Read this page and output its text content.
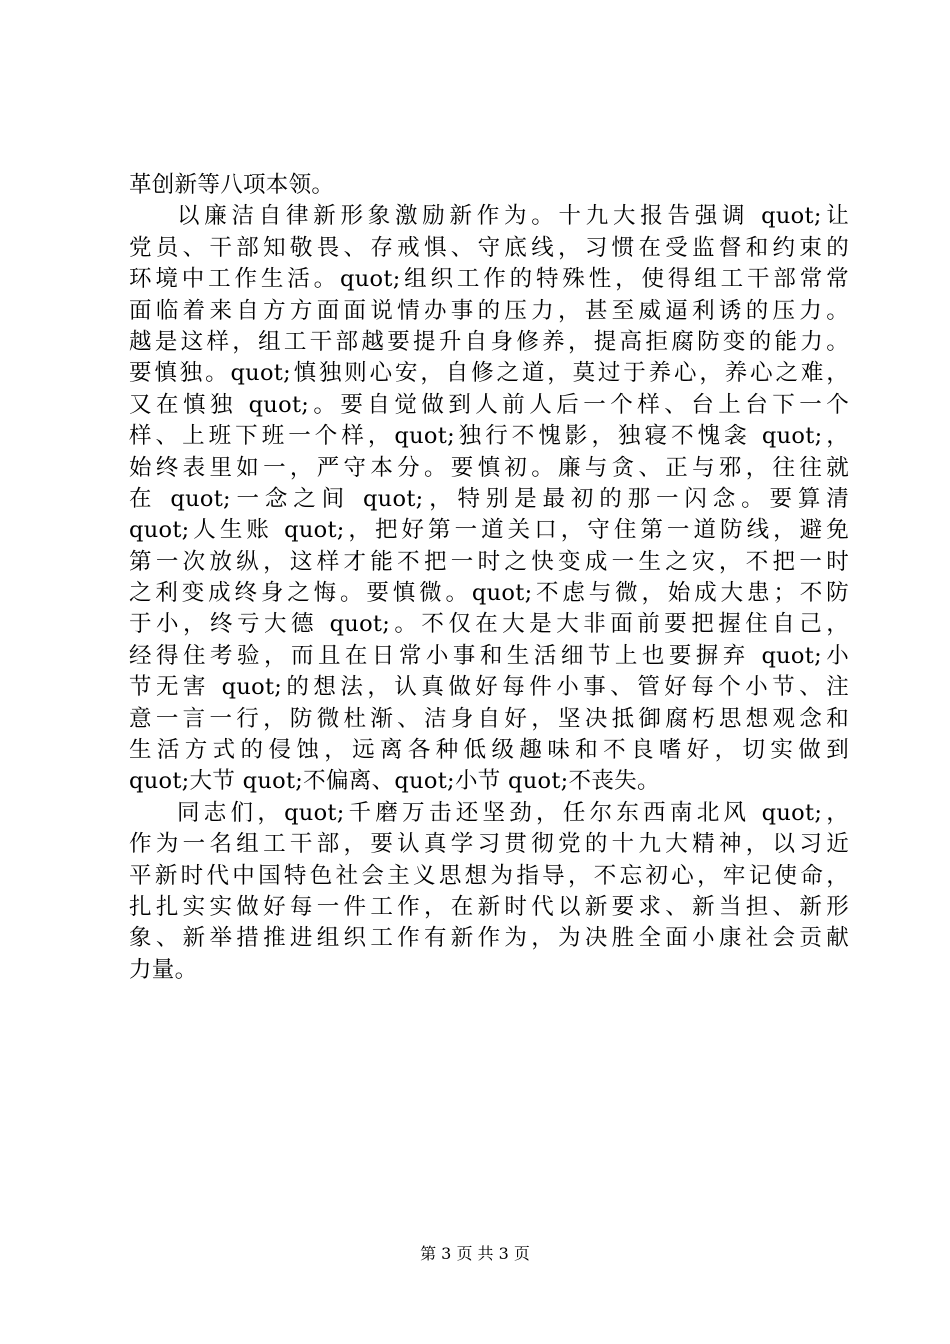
革创新等八项本领。
以廉洁自律新形象激励新作为。十九大报告强调 quot;让
党员、干部知敬畏、存戒惧、守底线，习惯在受监督和约束的
环境中工作生活。quot;组织工作的特殊性，使得组工干部常常
面临着来自方方面面说情办事的压力，甚至威逼利诱的压力。
越是这样，组工干部越要提升自身修养，提高拒腐防变的能力。
要慎独。quot;慎独则心安，自修之道，莫过于养心，养心之难，
又在慎独 quot;。要自觉做到人前人后一个样、台上台下一个
样、上班下班一个样，quot;独行不愧影，独寝不愧衾 quot;，
始终表里如一，严守本分。要慎初。廉与贪、正与邪，往往就
在 quot;一念之间 quot;，特别是最初的那一闪念。要算清
quot;人生账 quot;，把好第一道关口，守住第一道防线，避免
第一次放纵，这样才能不把一时之快变成一生之灾，不把一时
之利变成终身之悔。要慎微。quot;不虑与微，始成大患；不防
于小，终亏大德 quot;。不仅在大是大非面前要把握住自己，
经得住考验，而且在日常小事和生活细节上也要摒弃 quot;小
节无害 quot;的想法，认真做好每件小事、管好每个小节、注
意一言一行，防微杜渐、洁身自好，坚决抵御腐朽思想观念和
生活方式的侵蚀，远离各种低级趣味和不良嗜好，切实做到
quot;大节 quot;不偏离、quot;小节 quot;不丧失。
同志们，quot;千磨万击还坚劲，任尔东西南北风 quot;，
作为一名组工干部，要认真学习贯彻党的十九大精神，以习近
平新时代中国特色社会主义思想为指导，不忘初心，牢记使命，
扎扎实实做好每一件工作，在新时代以新要求、新当担、新形
象、新举措推进组织工作有新作为，为决胜全面小康社会贡献
力量。
第 3 页 共 3 页
